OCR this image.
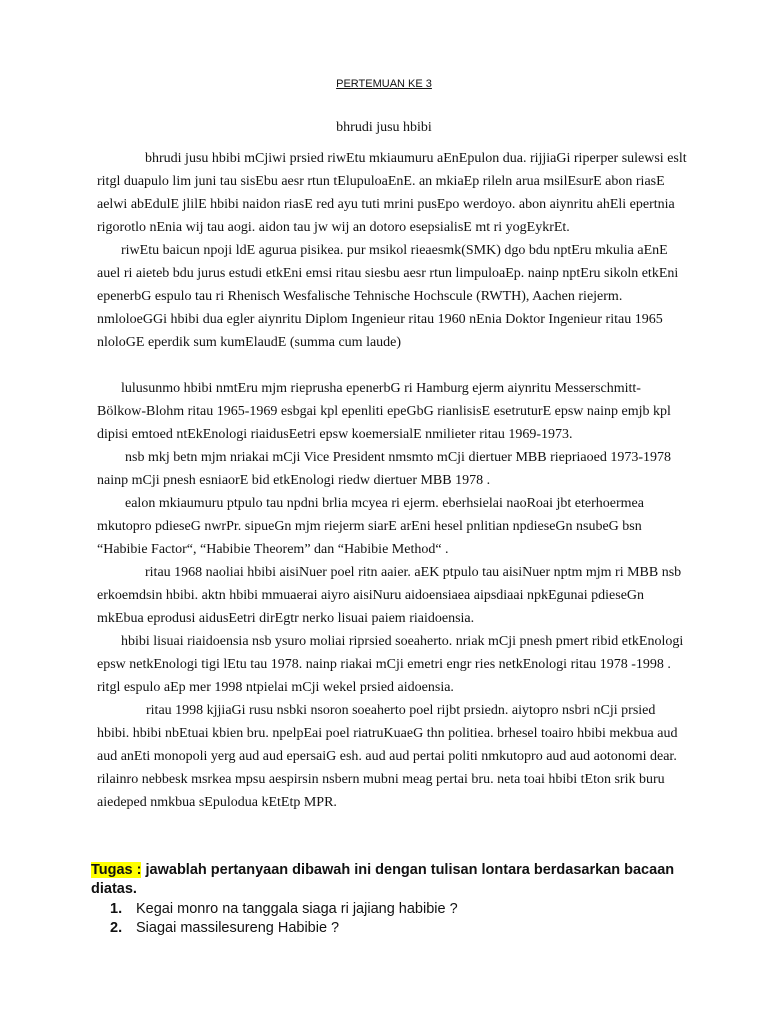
PERTEMUAN KE 3
bhrudi jusu hbibi

bhrudi jusu hbibi mCjiwi prsied riwEtu mkiaumuru aEnEpulon dua. rijjiaGi riperper sulewsi eslt ritgl duapulo lim juni tau sisEbu aesr rtun tElupuloaEnE. an mkiaEp rileln arua msilEsurE abon riasE aelwi abEdulE jlilE hbibi naidon riasE red ayu tuti mrini pusEpo werdoyo. abon aiynritu ahEli epertnia rigorotlo nEnia wij tau aogi. aidon tau jw wij an dotoro esepsialisE mt ri yogEykrEt.

riwEtu baicun npoji ldE agurua pisikea. pur msikol rieaesmk(SMK) dgo bdu nptEru mkulia aEnE auel ri aieteb bdu jurus estudi etkEni emsi ritau siesbu aesr rtun limpuloaEp. nainp nptEru sikoln etkEni epenerbG espulo tau ri Rhenisch Wesfalische Tehnische Hochscule (RWTH), Aachen riejerm. nmloloeGGi hbibi dua egler aiynritu Diplom Ingenieur ritau 1960 nEnia Doktor Ingenieur ritau 1965 nloloGE eperdik sum kumElaudE (summa cum laude)

lulusunmo hbibi nmtEru mjm rieprusha epenerbG ri Hamburg ejerm aiynritu Messerschmitt-Bölkow-Blohm ritau 1965-1969 esbgai kpl epenliti epeGbG rianlisisE esetruturE epsw nainp emjb kpl dipisi emtoed ntEkEnologi riaidusEetri epsw koemersialE nmilieter ritau 1969-1973.

nsb mkj betn mjm nriakai mCji Vice President nmsmto mCji diertuer MBB riepriaoed 1973-1978 nainp mCji pnesh esniaorE bid etkEnologi riedw diertuer MBB 1978 .

ealon mkiaumuru ptpulo tau npdni brlia mcyea ri ejerm. eberhsielai naoRoai jbt eterhoermea mkutopro pdieseG nwrPr. sipueGn mjm riejerm siarE arEni hesel pnlitian npdieseGn nsubeG bsn “Habibie Factor“, “Habibie Theorem” dan “Habibie Method“ .

ritau 1968 naoliai hbibi aisiNuer poel ritn aaier. aEK ptpulo tau aisiNuer nptm mjm ri MBB nsb erkoemdsin hbibi. aktn hbibi mmuaerai aiyro aisiNuru aidoensiaea aipsdiaai npkEgunai pdieseGn mkEbua eprodusi aidusEetri dirEgtr nerko lisuai paiem riaidoensia.

hbibi lisuai riaidoensia nsb ysuro moliai riprsied soeaherto. nriak mCji pnesh pmert ribid etkEnologi epsw netkEnologi tigi lEtu tau 1978. nainp riakai mCji emetri engr ries netkEnologi ritau 1978 -1998 . ritgl espulo aEp mer 1998 ntpielai mCji wekel prsied aidoensia.

ritau 1998 kjjiaGi rusu nsbki nsoron soeaherto poel rijbt prsiedn. aiytopro nsbri nCji prsied hbibi. hbibi nbEtuai kbien bru. npelpEai poel riatruKuaeG thn politiea. brhesel toairo hbibi mekbua aud aud anEti monopoli yerg aud aud epersaiG esh. aud aud pertai politi nmkutopro aud aud aotonomi dear. rilainro nebbesk msrkea mpsu aespirsin nsbern mubni meag pertai bru. neta toai hbibi tEton srik buru aiedeped nmkbua sEpulodua kEtEtp MPR.

Tugas : jawablah pertanyaan dibawah ini dengan tulisan lontara berdasarkan bacaan diatas.
1. Kegai monro na tanggala siaga ri jajiang habibie ?
2. Siagai massilesureng Habibie ?
